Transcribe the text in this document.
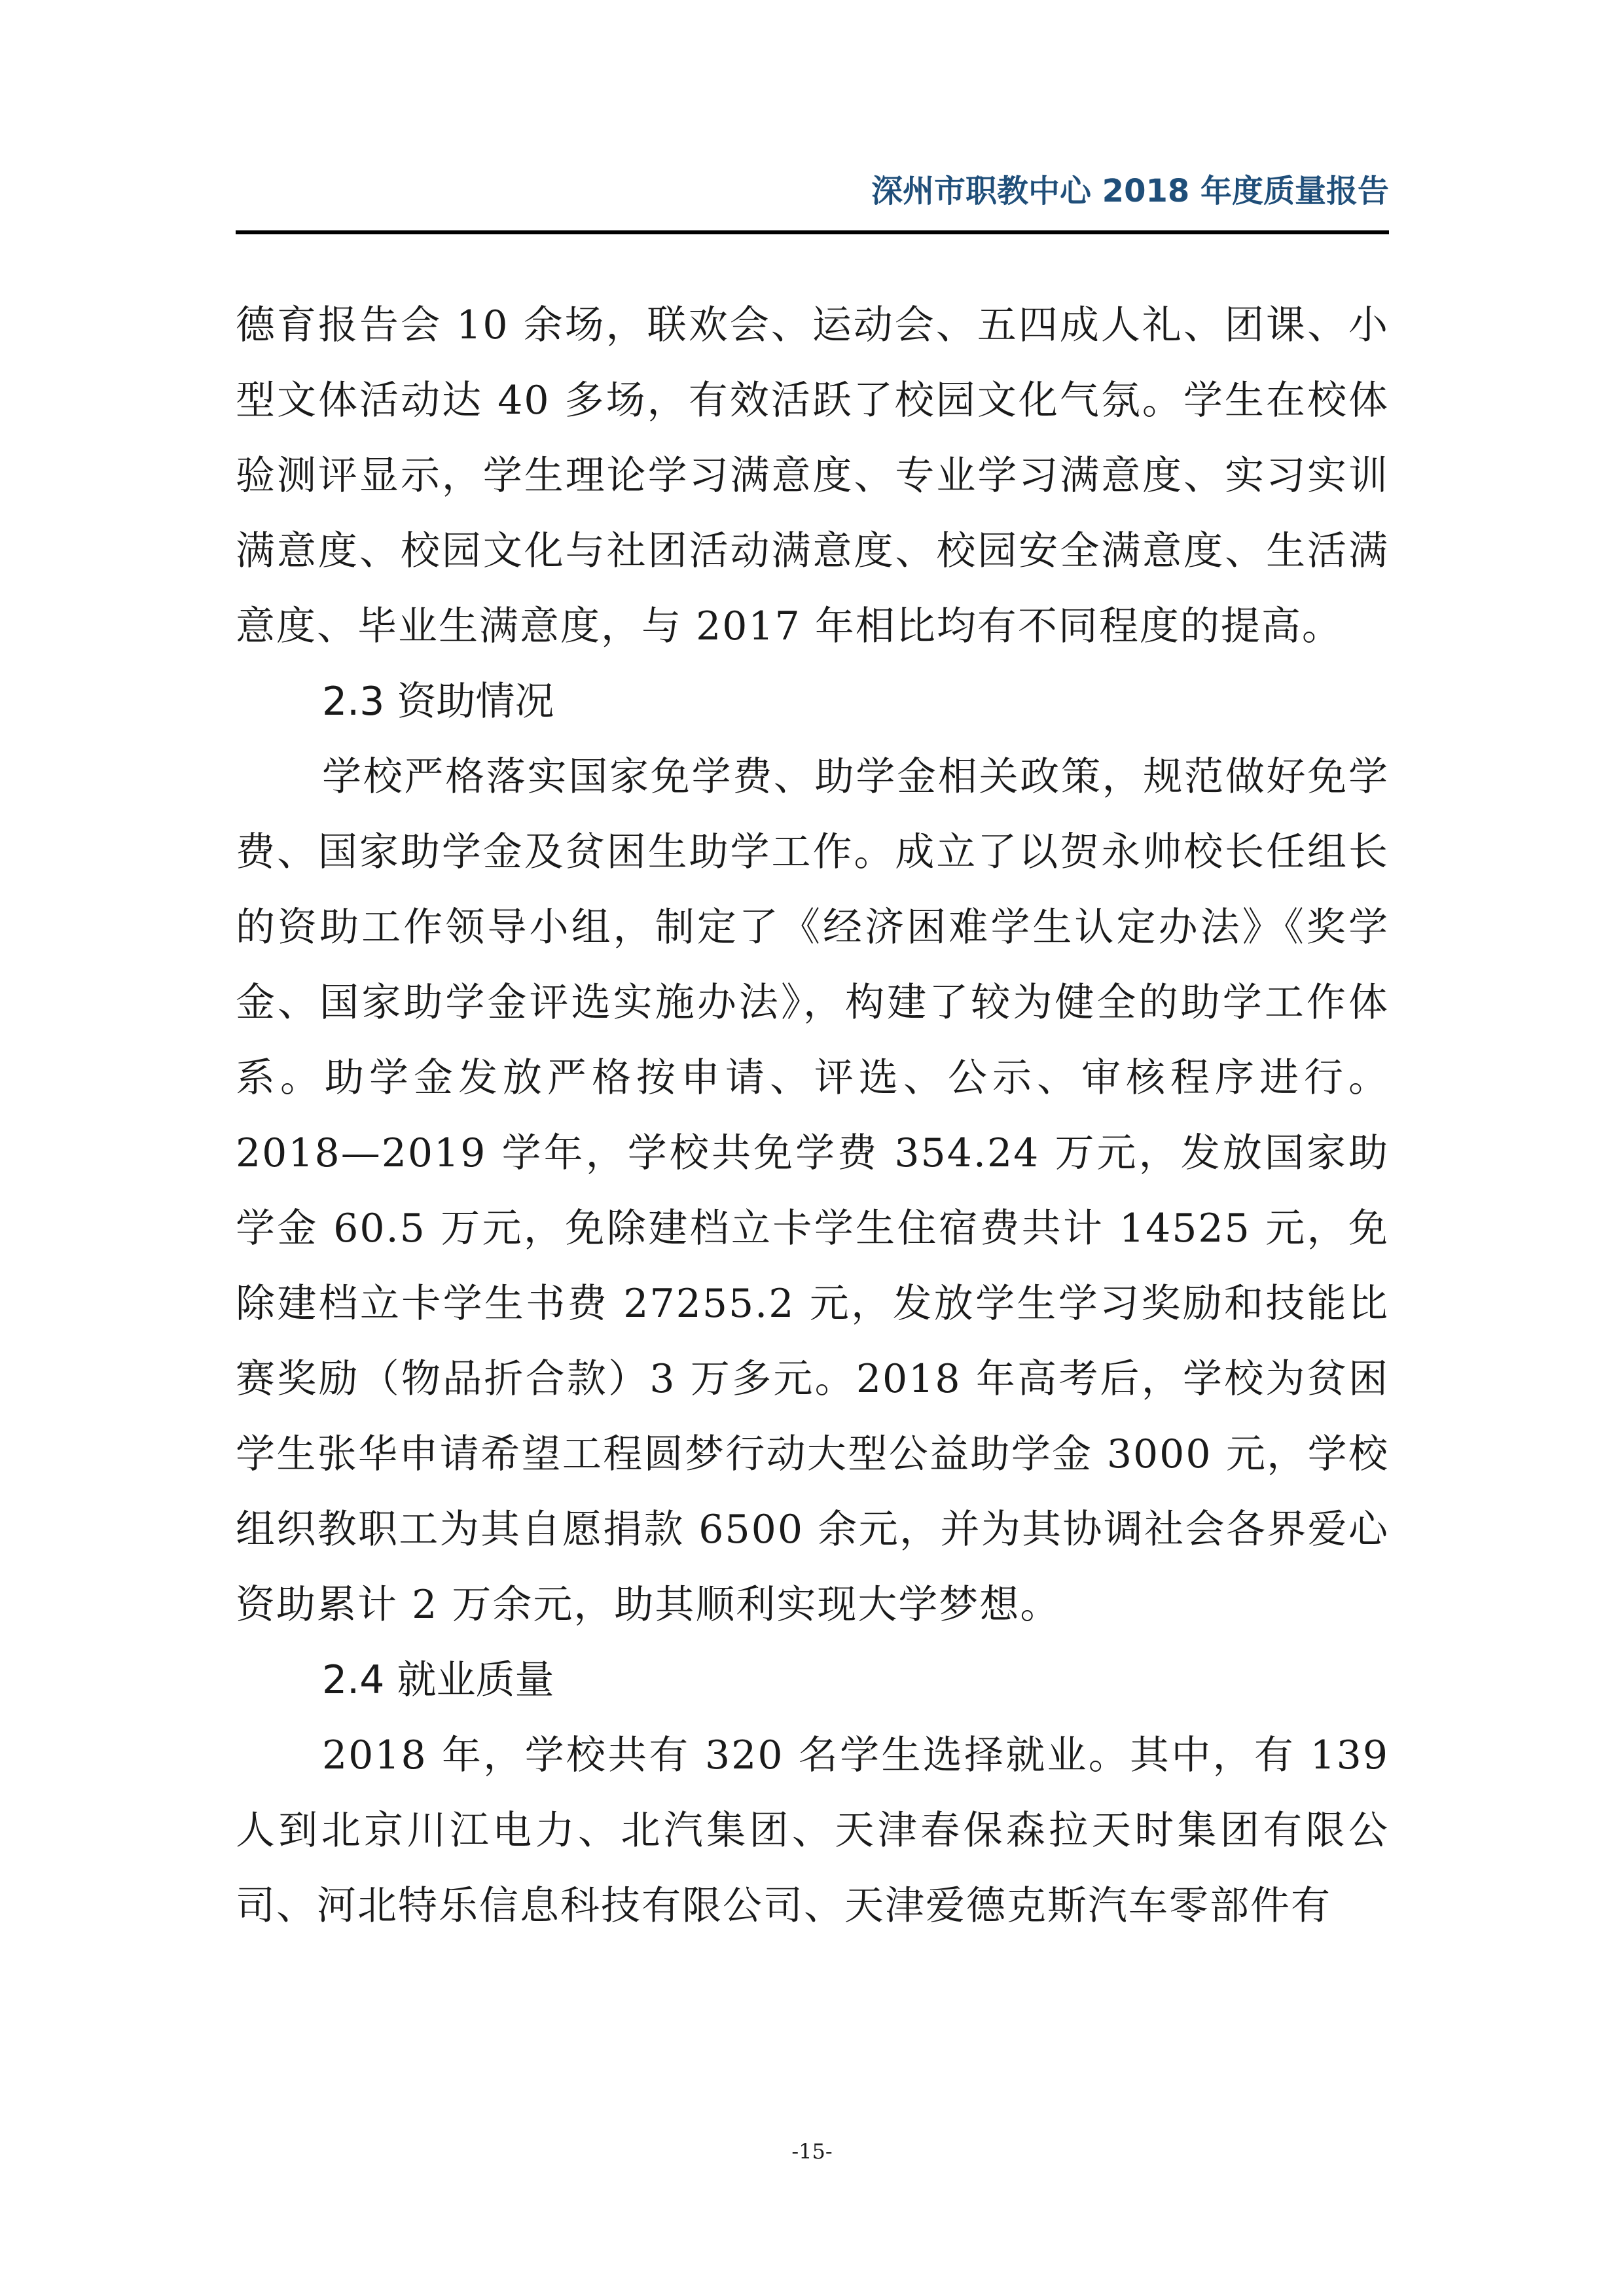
深州市职教中心 2018 年度质量报告

德育报告会 10 余场，联欢会、运动会、五四成人礼、团课、小型文体活动达 40 多场，有效活跃了校园文化气氛。学生在校体验测评显示，学生理论学习满意度、专业学习满意度、实习实训满意度、校园文化与社团活动满意度、校园安全满意度、生活满意度、毕业生满意度，与 2017 年相比均有不同程度的提高。

2.3 资助情况

学校严格落实国家免学费、助学金相关政策，规范做好免学费、国家助学金及贫困生助学工作。成立了以贺永帅校长任组长的资助工作领导小组，制定了《经济困难学生认定办法》《奖学金、国家助学金评选实施办法》，构建了较为健全的助学工作体系。助学金发放严格按申请、评选、公示、审核程序进行。2018—2019 学年，学校共免学费 354.24 万元，发放国家助学金 60.5 万元，免除建档立卡学生住宿费共计 14525 元，免除建档立卡学生书费 27255.2 元，发放学生学习奖励和技能比赛奖励（物品折合款）3 万多元。2018 年高考后，学校为贫困学生张华申请希望工程圆梦行动大型公益助学金 3000 元，学校组织教职工为其自愿捐款 6500 余元，并为其协调社会各界爱心资助累计 2 万余元，助其顺利实现大学梦想。

2.4 就业质量

2018 年，学校共有 320 名学生选择就业。其中，有 139 人到北京川江电力、北汽集团、天津春保森拉天时集团有限公司、河北特乐信息科技有限公司、天津爱德克斯汽车零部件有

-15-
